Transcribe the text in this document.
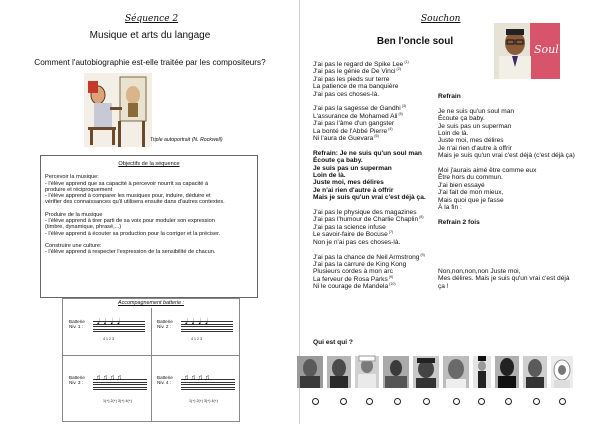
Séquence 2
Musique et arts du langage
Comment l'autobiographie est-elle traitée par les compositeurs?
Triple autoportrait (N. Rockwell)
Objectifs de la séquence
Percevoir la musique:
- l'élève apprend que sa capacité à percevoir nourrit sa capacité à
produire et réciproquement
- l'élève apprend à comparer les musiques pour, induire, déduire et
vérifier des connaissances qu'il utilisera ensuite dans d'autres contextes.
Produire de la musique
- l'élève apprend à tirer parti de sa voix pour moduler son expression
(timbre, dynamique, phrasé,...)
- l'élève apprend à écouter sa production pour la corriger et la préciser.
Construire une culture:
- l'élève apprend à respecter l'expression de la sensibilité de chacun.
Accompagnement batterie :
Batterie
Niv. 1 :
𝅘𝅥 𝅘𝅥 𝅘𝅥 𝅘𝅥
4 1 2 3
Batterie
Niv. 2 :
𝅘𝅥 𝅘𝅥 𝅘𝅥 𝅘𝅥
4 1 2 3
Batterie
Niv. 3 :
♫♫♫♫
1(+) 2(+) 3(+) 4(+)
Batterie
Niv. 4 :
♫♫♫♫
1(+) 2(+) 3(+) 4(+)
Souchon
Ben l'oncle soul
Soul

J'ai pas le regard de Spike Lee $^{(1)}$

J'ai pas le génie de De Vinci $^{(2)}$

J'ai pas les pieds sur terre

La patience de ma banquière

J'ai pas ces choses-là.

J'ai pas la sagesse de Gandhi $^{(3)}$

L'assurance de Mohamed Ali $^{(5)}$

J'ai pas l'âme d'un gangster

La bonté de l'Abbé Pierre $^{(4)}$

Ni l'aura de Guevara $^{(6)}$

Refrain: Je ne suis qu'un soul man

Écoute ça baby.

Je suis pas un superman

Loin de là.

Juste moi, mes délires

Je n'ai rien d'autre à offrir

Mais je suis qu'un vrai c'est déjà ça.

J'ai pas le physique des magazines

J'ai pas l'humour de Charlie Chaplin $^{(8)}$

J'ai pas la science infuse

Le savoir-faire de Bocuse $^{(7)}$

Non je n'ai pas ces choses-là.

J'ai pas la chance de Neil Armstrong $^{(9)}$

J'ai pas la carrure de King Kong

Plusieurs cordes à mon arc

La ferveur de Rosa Parks $^{(9)}$

Ni le courage de Mandela $^{(10)}$

Refrain

Je ne suis qu'un soul man

Écoute ça baby.

Je suis pas un superman

Loin de là.

Juste moi, mes délires

Je n'ai rien d'autre à offrir

Mais je suis qu'un vrai c'est déjà (c'est déjà ça)

Moi j'aurais aimé être comme eux

Être hors du commun.

J'ai bien essayé

J'ai fait de mon mieux,

Mais quoi que je fasse

À la fin :

Refrain 2 fois

Non,non,non,non Juste moi,

Mes délires. Mais je suis qu'un vrai c'est déjà

ça !

Qui est qui ?
